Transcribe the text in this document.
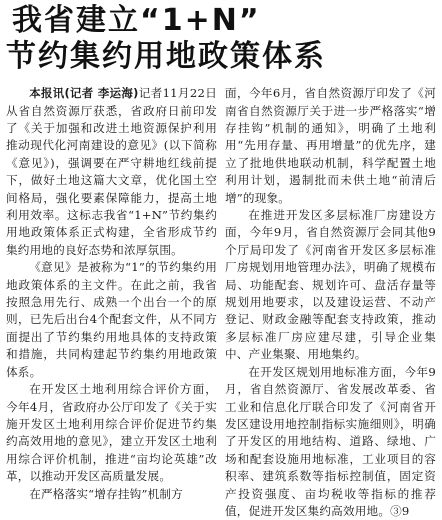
我省建立“1+N”
节约集约用地政策体系

本报讯(记者 李运海)记者11月22日从省自然资源厅获悉，省政府日前印发了《关于加强和改进土地资源保护利用推动现代化河南建设的意见》(以下简称《意见》)，强调要在严守耕地红线前提下，做好土地这篇大文章，优化国土空间格局，强化要素保障能力，提高土地利用效率。这标志我省“1+N”节约集约用地政策体系正式构建，全省形成节约集约用地的良好态势和浓厚氛围。

《意见》是被称为“1”的节约集约用地政策体系的主文件。在此之前，我省按照急用先行、成熟一个出台一个的原则，已先后出台4个配套文件，从不同方面提出了节约集约用地具体的支持政策和措施，共同构建起节约集约用地政策体系。

在开发区土地利用综合评价方面，今年4月，省政府办公厅印发了《关于实施开发区土地利用综合评价促进节约集约高效用地的意见》，建立开发区土地利用综合评价机制，推进“亩均论英雄”改革，以推动开发区高质量发展。

在严格落实“增存挂钩”机制方

面，今年6月，省自然资源厅印发了《河南省自然资源厅关于进一步严格落实“增存挂钩”机制的通知》，明确了土地利用“先用存量、再用增量”的优先序，建立了批地供地联动机制，科学配置土地利用计划，遏制批而未供土地“前清后增”的现象。

在推进开发区多层标准厂房建设方面，今年9月，省自然资源厅会同其他9个厅局印发了《河南省开发区多层标准厂房规划用地管理办法》，明确了规模布局、功能配套、规划许可、盘活存量等规划用地要求，以及建设运营、不动产登记、财政金融等配套支持政策，推动多层标准厂房应建尽建，引导企业集中、产业集聚、用地集约。

在开发区规划用地标准方面，今年9月，省自然资源厅、省发展改革委、省工业和信息化厅联合印发了《河南省开发区建设用地控制指标实施细则》，明确了开发区的用地结构、道路、绿地、广场和配套设施用地标准，工业项目的容积率、建筑系数等指标控制值，固定资产投资强度、亩均税收等指标的推荐值，促进开发区集约高效用地。③9
